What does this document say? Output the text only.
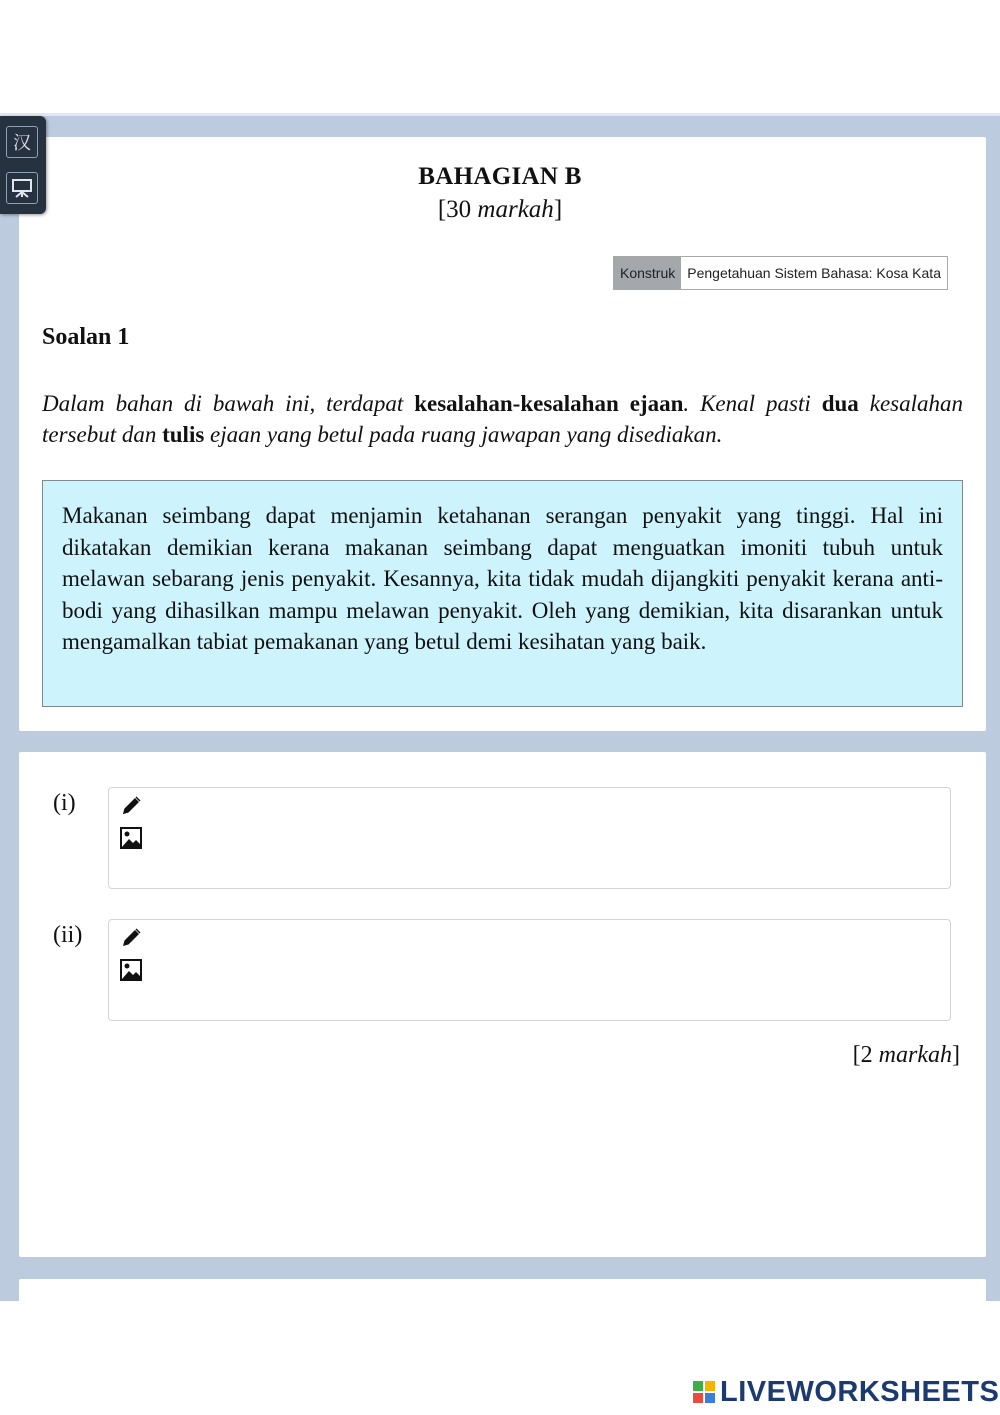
汉
BAHAGIAN B
[30 markah]
Konstruk Pengetahuan Sistem Bahasa: Kosa Kata
Soalan 1
Dalam bahan di bawah ini, terdapat kesalahan-kesalahan ejaan. Kenal pasti dua kesalahan tersebut dan tulis ejaan yang betul pada ruang jawapan yang disediakan.

Makanan seimbang dapat menjamin ketahanan serangan penyakit yang tinggi. Hal ini dikatakan demikian kerana makanan seimbang dapat menguatkan imoniti tubuh untuk melawan sebarang jenis penyakit. Kesannya, kita tidak mudah dijangkiti penyakit kerana anti-bodi yang dihasilkan mampu melawan penyakit. Oleh yang demikian, kita disarankan untuk mengamalkan tabiat pemakanan yang betul demi kesihatan yang baik.

(i)
(ii)
[2 markah]
LIVEWORKSHEETS
